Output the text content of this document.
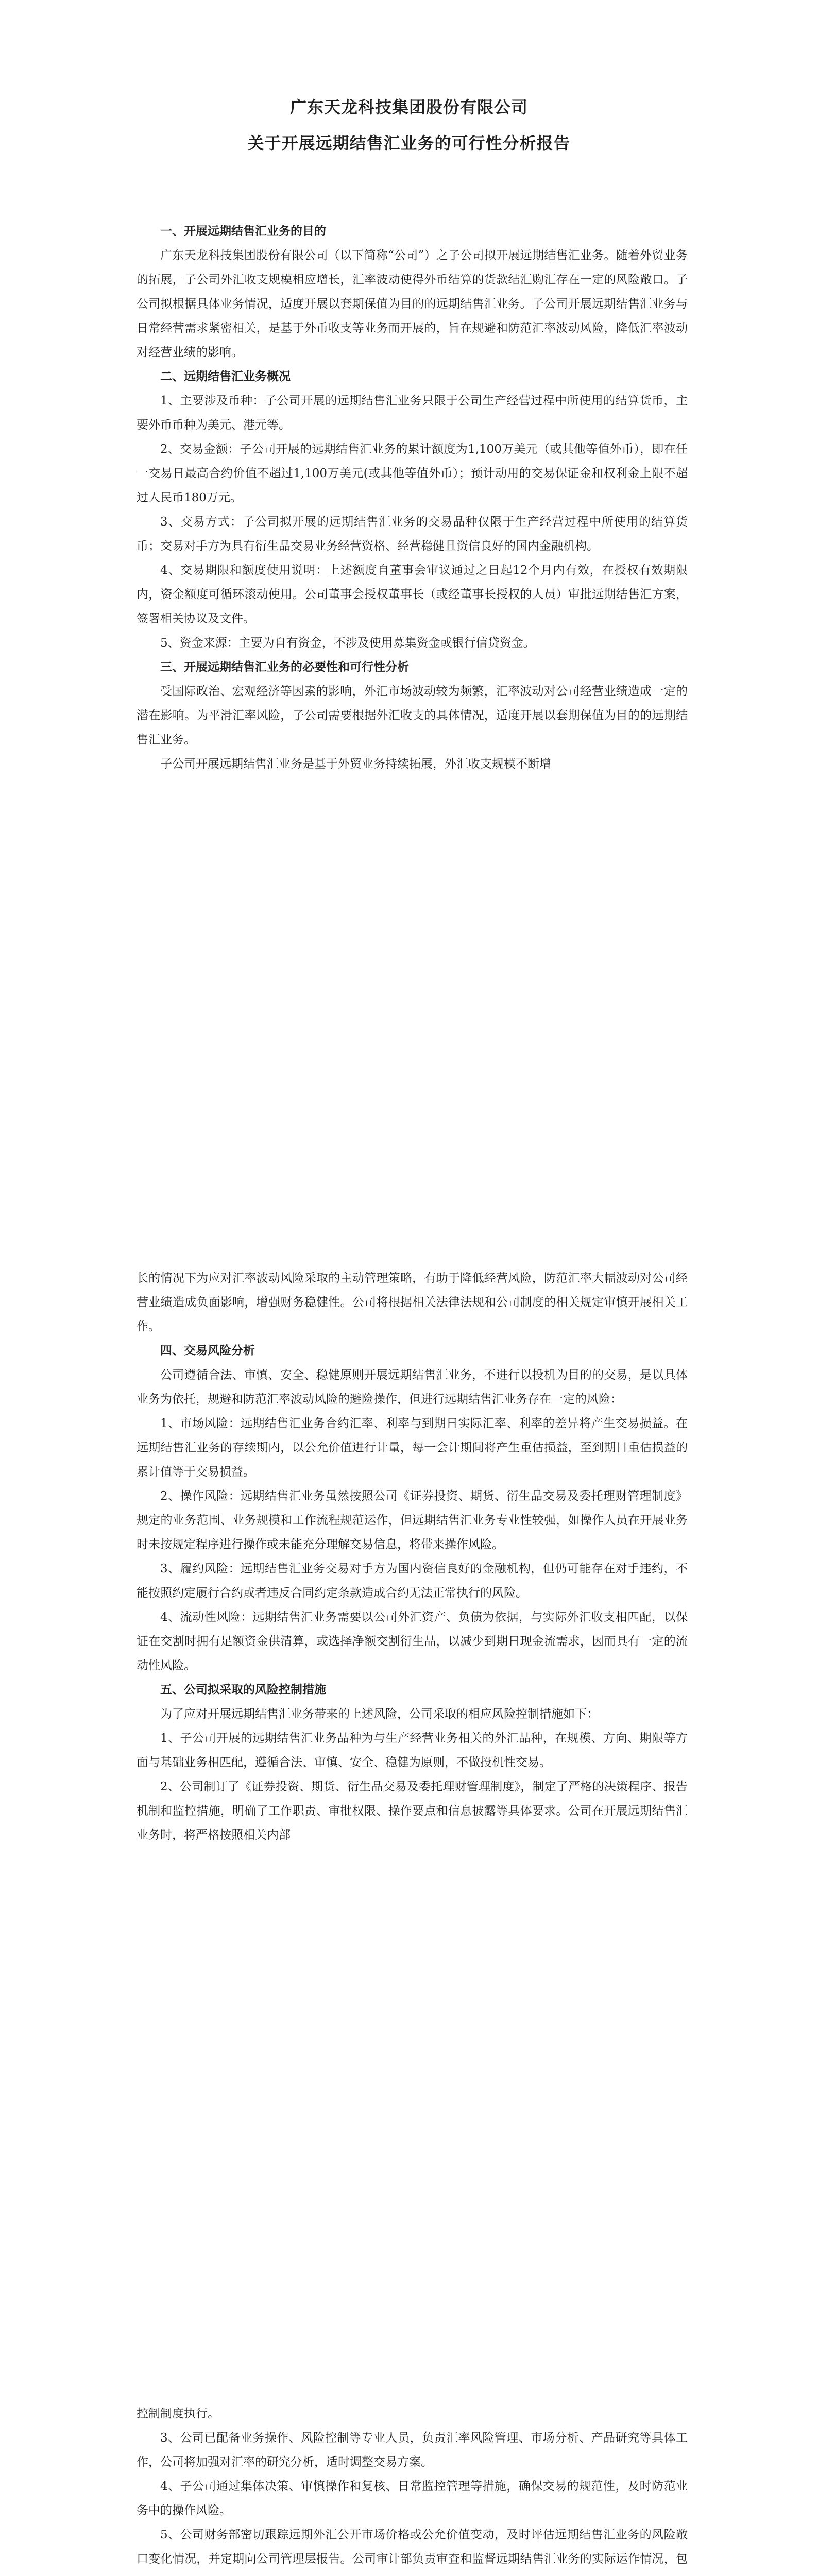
广东天龙科技集团股份有限公司
关于开展远期结售汇业务的可行性分析报告

一、开展远期结售汇业务的目的

广东天龙科技集团股份有限公司（以下简称“公司”）之子公司拟开展远期结售汇业务。随着外贸业务的拓展，子公司外汇收支规模相应增长，汇率波动使得外币结算的货款结汇购汇存在一定的风险敞口。子公司拟根据具体业务情况，适度开展以套期保值为目的的远期结售汇业务。子公司开展远期结售汇业务与日常经营需求紧密相关，是基于外币收支等业务而开展的，旨在规避和防范汇率波动风险，降低汇率波动对经营业绩的影响。

二、远期结售汇业务概况

1、主要涉及币种：子公司开展的远期结售汇业务只限于公司生产经营过程中所使用的结算货币，主要外币币种为美元、港元等。

2、交易金额：子公司开展的远期结售汇业务的累计额度为1,100万美元（或其他等值外币），即在任一交易日最高合约价值不超过1,100万美元(或其他等值外币）；预计动用的交易保证金和权利金上限不超过人民币180万元。

3、交易方式：子公司拟开展的远期结售汇业务的交易品种仅限于生产经营过程中所使用的结算货币；交易对手方为具有衍生品交易业务经营资格、经营稳健且资信良好的国内金融机构。

4、交易期限和额度使用说明：上述额度自董事会审议通过之日起12个月内有效，在授权有效期限内，资金额度可循环滚动使用。公司董事会授权董事长（或经董事长授权的人员）审批远期结售汇方案，签署相关协议及文件。

5、资金来源：主要为自有资金，不涉及使用募集资金或银行信贷资金。

三、开展远期结售汇业务的必要性和可行性分析

受国际政治、宏观经济等因素的影响，外汇市场波动较为频繁，汇率波动对公司经营业绩造成一定的潜在影响。为平滑汇率风险，子公司需要根据外汇收支的具体情况，适度开展以套期保值为目的的远期结售汇业务。

子公司开展远期结售汇业务是基于外贸业务持续拓展，外汇收支规模不断增

长的情况下为应对汇率波动风险采取的主动管理策略，有助于降低经营风险，防范汇率大幅波动对公司经营业绩造成负面影响，增强财务稳健性。公司将根据相关法律法规和公司制度的相关规定审慎开展相关工作。

四、交易风险分析

公司遵循合法、审慎、安全、稳健原则开展远期结售汇业务，不进行以投机为目的的交易，是以具体业务为依托，规避和防范汇率波动风险的避险操作，但进行远期结售汇业务存在一定的风险：

1、市场风险：远期结售汇业务合约汇率、利率与到期日实际汇率、利率的差异将产生交易损益。在远期结售汇业务的存续期内，以公允价值进行计量，每一会计期间将产生重估损益，至到期日重估损益的累计值等于交易损益。

2、操作风险：远期结售汇业务虽然按照公司《证券投资、期货、衍生品交易及委托理财管理制度》规定的业务范围、业务规模和工作流程规范运作，但远期结售汇业务专业性较强，如操作人员在开展业务时未按规定程序进行操作或未能充分理解交易信息，将带来操作风险。

3、履约风险：远期结售汇业务交易对手方为国内资信良好的金融机构，但仍可能存在对手违约，不能按照约定履行合约或者违反合同约定条款造成合约无法正常执行的风险。

4、流动性风险：远期结售汇业务需要以公司外汇资产、负债为依据，与实际外汇收支相匹配，以保证在交割时拥有足额资金供清算，或选择净额交割衍生品，以减少到期日现金流需求，因而具有一定的流动性风险。

五、公司拟采取的风险控制措施

为了应对开展远期结售汇业务带来的上述风险，公司采取的相应风险控制措施如下：

1、子公司开展的远期结售汇业务品种为与生产经营业务相关的外汇品种，在规模、方向、期限等方面与基础业务相匹配，遵循合法、审慎、安全、稳健为原则，不做投机性交易。

2、公司制订了《证券投资、期货、衍生品交易及委托理财管理制度》，制定了严格的决策程序、报告机制和监控措施，明确了工作职责、审批权限、操作要点和信息披露等具体要求。公司在开展远期结售汇业务时，将严格按照相关内部

控制制度执行。

3、公司已配备业务操作、风险控制等专业人员，负责汇率风险管理、市场分析、产品研究等具体工作，公司将加强对汇率的研究分析，适时调整交易方案。

4、子公司通过集体决策、审慎操作和复核、日常监控管理等措施，确保交易的规范性，及时防范业务中的操作风险。

5、公司财务部密切跟踪远期外汇公开市场价格或公允价值变动，及时评估远期结售汇业务的风险敞口变化情况，并定期向公司管理层报告。公司审计部负责审查和监督远期结售汇业务的实际运作情况，包
